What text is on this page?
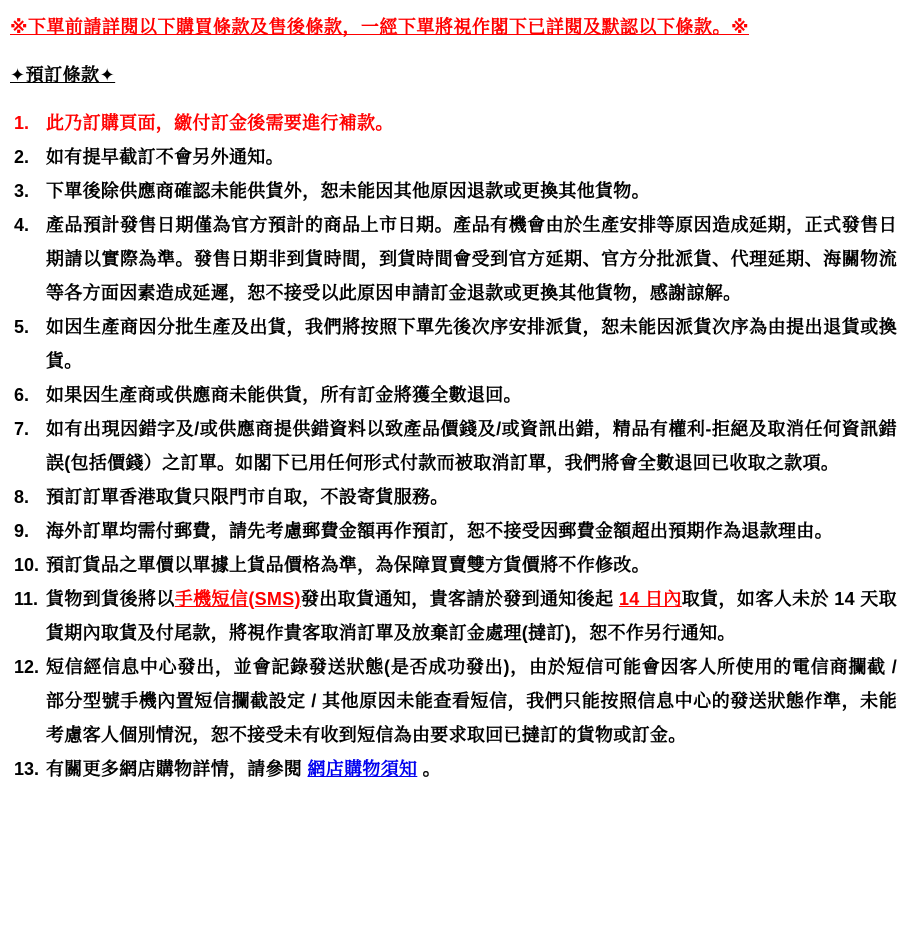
※下單前請詳閱以下購買條款及售後條款，一經下單將視作閣下已詳閱及默認以下條款。※

✦預訂條款✦

1. 此乃訂購頁面，繳付訂金後需要進行補款。
2. 如有提早截訂不會另外通知。
3. 下單後除供應商確認未能供貨外，恕未能因其他原因退款或更換其他貨物。
4. 產品預計發售日期僅為官方預計的商品上市日期。產品有機會由於生產安排等原因造成延期，正式發售日期請以實際為準。發售日期非到貨時間，到貨時間會受到官方延期、官方分批派貨、代理延期、海關物流等各方面因素造成延遲，恕不接受以此原因申請訂金退款或更換其他貨物，感謝諒解。
5. 如因生產商因分批生產及出貨，我們將按照下單先後次序安排派貨，恕未能因派貨次序為由提出退貨或換貨。
6. 如果因生產商或供應商未能供貨，所有訂金將獲全數退回。
7. 如有出現因錯字及/或供應商提供錯資料以致產品價錢及/或資訊出錯，精品有權利-拒絕及取消任何資訊錯誤(包括價錢）之訂單。如閣下已用任何形式付款而被取消訂單，我們將會全數退回已收取之款項。
8. 預訂訂單香港取貨只限門市自取，不設寄貨服務。
9. 海外訂單均需付郵費，請先考慮郵費金額再作預訂，恕不接受因郵費金額超出預期作為退款理由。
10. 預訂貨品之單價以單據上貨品價格為準，為保障買賣雙方貨價將不作修改。
11. 貨物到貨後將以手機短信(SMS)發出取貨通知，貴客請於發到通知後起 14 日內取貨，如客人未於 14 天取貨期內取貨及付尾款，將視作貴客取消訂單及放棄訂金處理(撻訂)，恕不作另行通知。
12. 短信經信息中心發出，並會記錄發送狀態(是否成功發出)，由於短信可能會因客人所使用的電信商攔截 / 部分型號手機內置短信攔截設定 / 其他原因未能查看短信，我們只能按照信息中心的發送狀態作準，未能考慮客人個別情況，恕不接受未有收到短信為由要求取回已撻訂的貨物或訂金。
13. 有關更多網店購物詳情，請參閱 網店購物須知 。
